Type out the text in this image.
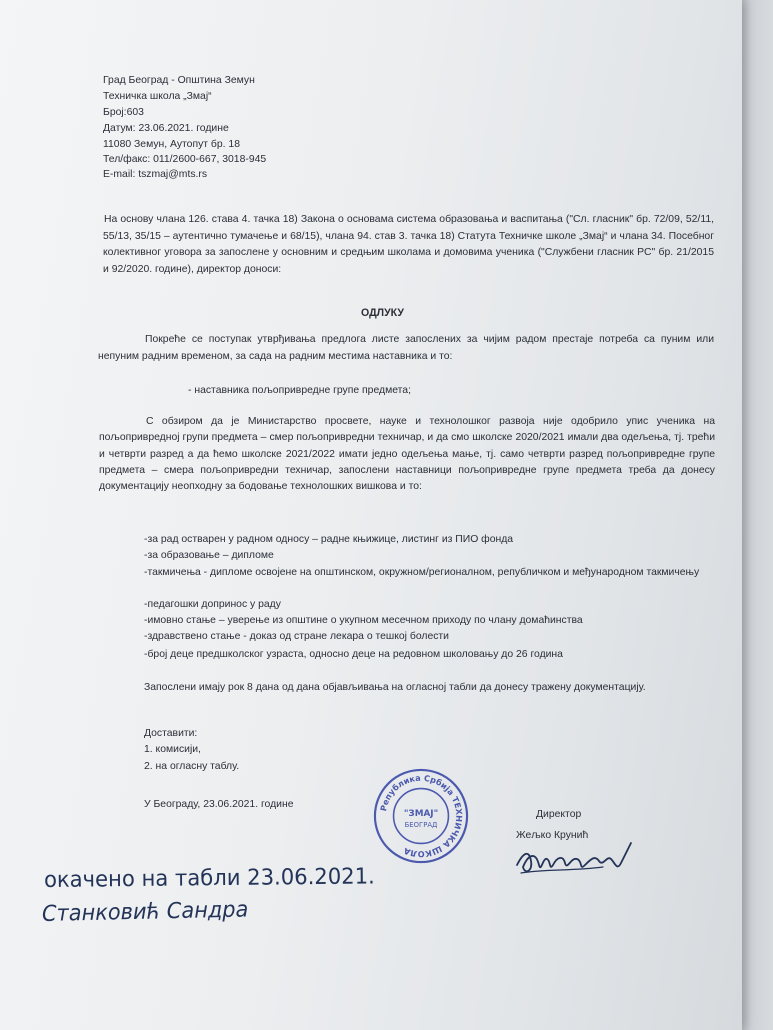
Град Београд - Општина Земун

Техничка школа „Змај“

Број:603

Датум: 23.06.2021. године

11080 Земун, Аутопут бр. 18

Тел/факс: 011/2600-667, 3018-945

E-mail: tszmaj@mts.rs

На основу члана 126. става 4. тачка 18) Закона о основама система образовања и васпитања ("Сл. гласник" бр. 72/09, 52/11, 55/13, 35/15 – аутентично тумачење и 68/15), члана 94. став 3. тачка 18) Статута Техничке школе „Змај“ и члана 34. Посебног колективног уговора за запослене у основним и средњим школама и домовима ученика ("Службени гласник РС" бр. 21/2015 и 92/2020. године), директор доноси:

ОДЛУКУ

Покреће се поступак утврђивања предлога листе запослених за чијим радом престаје потреба са пуним или непуним радним временом, за сада на радним местима наставника и то:

- наставника пољопривредне групе предмета;

С обзиром да је Министарство просвете, науке и технолошког развоја није одобрило упис ученика на пољопривредној групи предмета – смер пољопривредни техничар, и да смо школске 2020/2021 имали два одељења, тј. трећи и четврти разред а да ћемо школске 2021/2022 имати једно одељења мање, тј. само четврти разред пољопривредне групе предмета – смера пољопривредни техничар, запослени наставници пољопривредне групе предмета треба да донесу документацију неопходну за бодовање технолошких вишкова и то:

-за рад остварен у радном односу – радне књижице, листинг из ПИО фонда

-за образовање – дипломе

-такмичења - дипломе освојене на општинском, окружном/регионалном, републичком и међународном такмичењу

-педагошки допринос у раду

-имовно стање – уверење из општине о укупном месечном приходу по члану домаћинства

-здравствено стање - доказ од стране лекара о тешкој болести

-број деце предшколског узраста, односно деце на редовном школовању до 26 година

Запослени имају рок 8 дана од дана објављивања на огласној табли да донесу тражену документацију.

Доставити:

1. комисији,

2. на огласну таблу.

У Београду, 23.06.2021. године

Директор

Жељко Крунић

Република Србија ТЕХНИЧКА ШКОЛА
"ЗМАЈ"
БЕОГРАД

окачено на табли 23.06.2021.

Станковић Сандра
